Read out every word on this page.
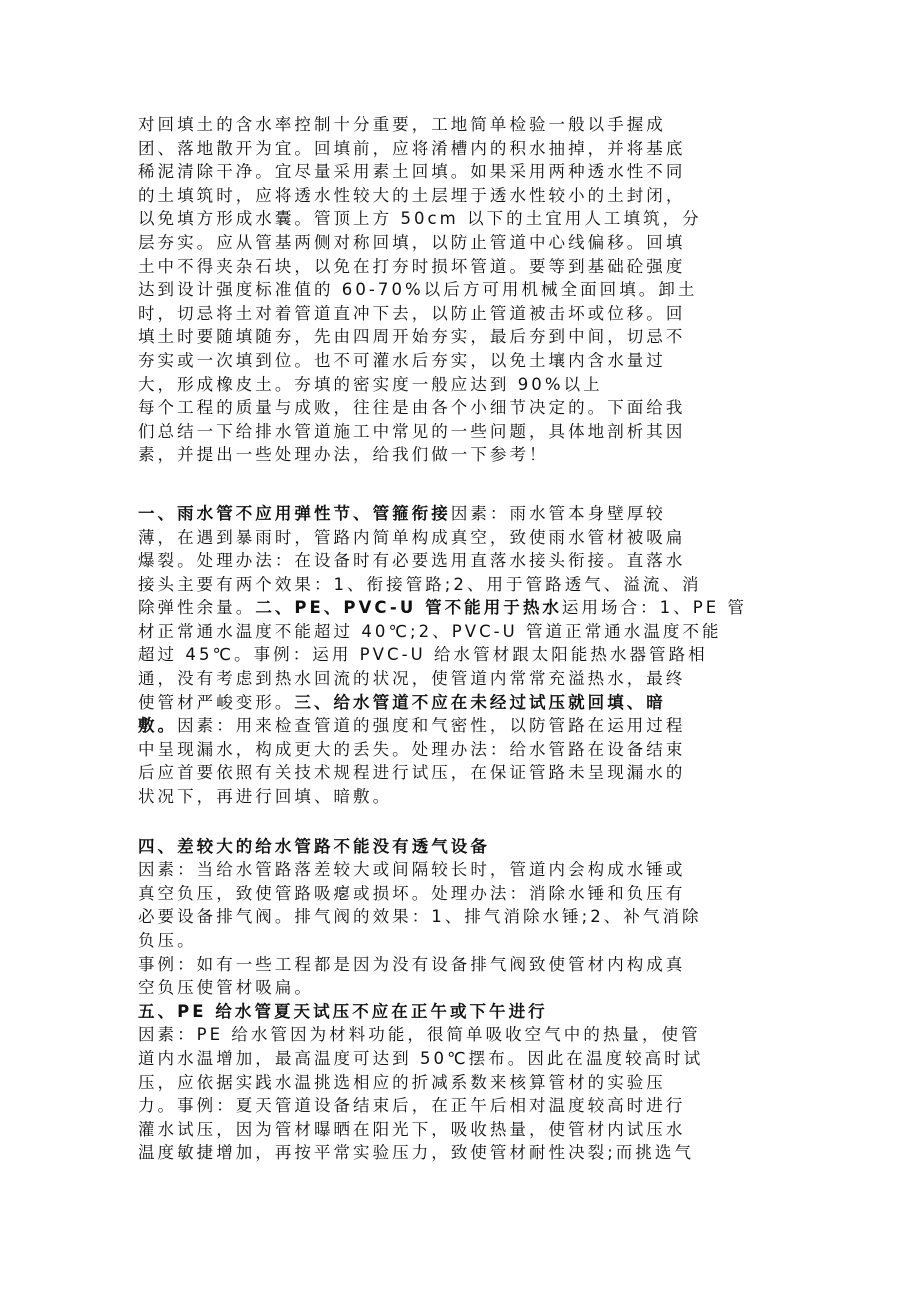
对回填土的含水率控制十分重要，工地简单检验一般以手握成
团、落地散开为宜。回填前，应将淆槽内的积水抽掉，并将基底
稀泥清除干净。宜尽量采用素土回填。如果采用两种透水性不同
的土填筑时，应将透水性较大的土层埋于透水性较小的土封闭，
以免填方形成水囊。管顶上方 50cm 以下的土宜用人工填筑，分
层夯实。应从管基两侧对称回填，以防止管道中心线偏移。回填
土中不得夹杂石块，以免在打夯时损坏管道。要等到基础砼强度
达到设计强度标准值的 60-70%以后方可用机械全面回填。卸土
时，切忌将土对着管道直冲下去，以防止管道被击坏或位移。回
填土时要随填随夯，先由四周开始夯实，最后夯到中间，切忌不
夯实或一次填到位。也不可灌水后夯实，以免土壤内含水量过
大，形成橡皮土。夯填的密实度一般应达到 90%以上
每个工程的质量与成败，往往是由各个小细节决定的。下面给我
们总结一下给排水管道施工中常见的一些问题，具体地剖析其因
素，并提出一些处理办法，给我们做一下参考！
一、雨水管不应用弹性节、管箍衔接因素：雨水管本身壁厚较
薄，在遇到暴雨时，管路内简单构成真空，致使雨水管材被吸扁
爆裂。处理办法：在设备时有必要选用直落水接头衔接。直落水
接头主要有两个效果：1、衔接管路;2、用于管路透气、溢流、消
除弹性余量。二、PE、PVC-U 管不能用于热水运用场合：1、PE 管
材正常通水温度不能超过 40℃;2、PVC-U 管道正常通水温度不能
超过 45℃。事例：运用 PVC-U 给水管材跟太阳能热水器管路相
通，没有考虑到热水回流的状况，使管道内常常充溢热水，最终
使管材严峻变形。三、给水管道不应在未经过试压就回填、暗
敷。因素：用来检查管道的强度和气密性，以防管路在运用过程
中呈现漏水，构成更大的丢失。处理办法：给水管路在设备结束
后应首要依照有关技术规程进行试压，在保证管路未呈现漏水的
状况下，再进行回填、暗敷。
四、差较大的给水管路不能没有透气设备
因素：当给水管路落差较大或间隔较长时，管道内会构成水锤或
真空负压，致使管路吸瘪或损坏。处理办法：消除水锤和负压有
必要设备排气阀。排气阀的效果：1、排气消除水锤;2、补气消除
负压。
事例：如有一些工程都是因为没有设备排气阀致使管材内构成真
空负压使管材吸扁。
五、PE 给水管夏天试压不应在正午或下午进行
因素：PE 给水管因为材料功能，很简单吸收空气中的热量，使管
道内水温增加，最高温度可达到 50℃摆布。因此在温度较高时试
压，应依据实践水温挑选相应的折减系数来核算管材的实验压
力。事例：夏天管道设备结束后，在正午后相对温度较高时进行
灌水试压，因为管材曝晒在阳光下，吸收热量，使管材内试压水
温度敏捷增加，再按平常实验压力，致使管材耐性决裂;而挑选气
